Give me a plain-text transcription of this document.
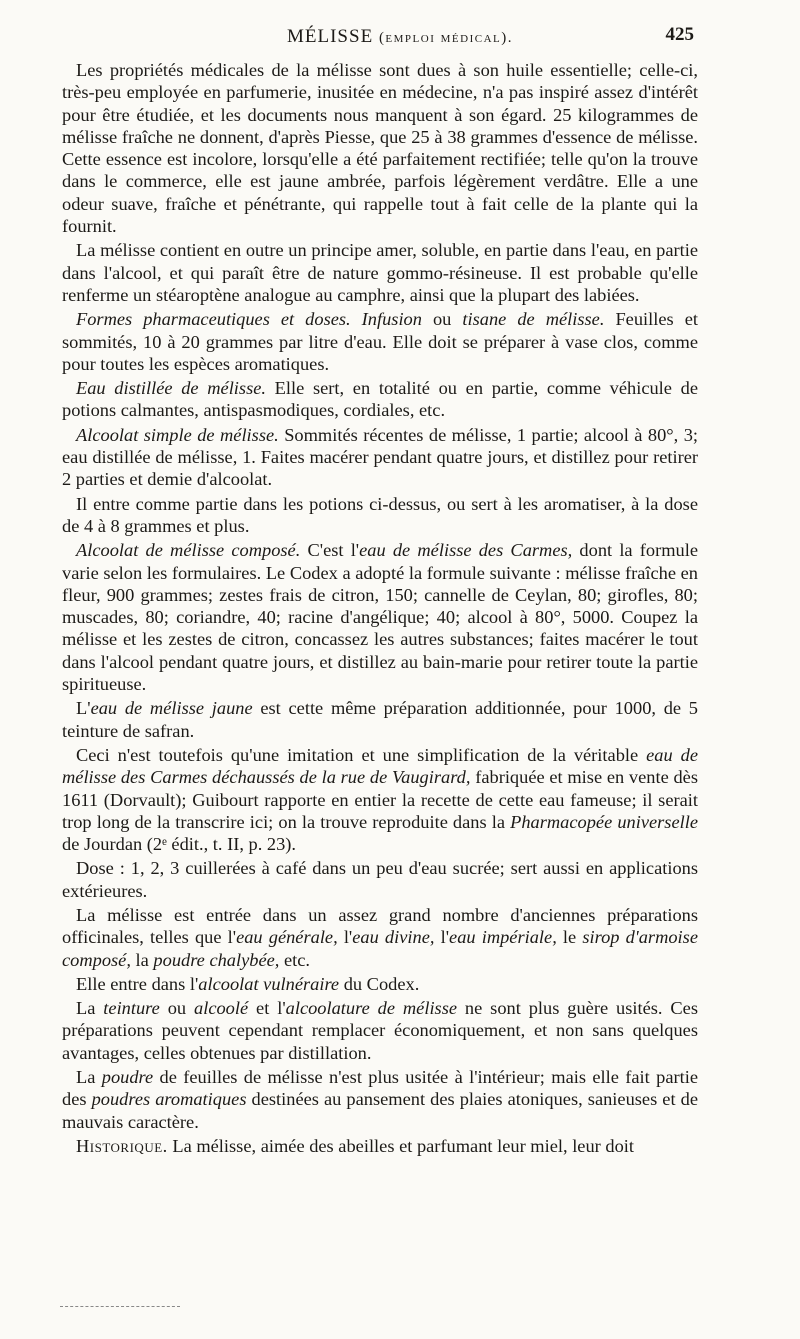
MÉLISSE (emploi médical).	425

Les propriétés médicales de la mélisse sont dues à son huile essentielle; celle-ci, très-peu employée en parfumerie, inusitée en médecine, n'a pas inspiré assez d'intérêt pour être étudiée, et les documents nous manquent à son égard. 25 kilogrammes de mélisse fraîche ne donnent, d'après Piesse, que 25 à 38 grammes d'essence de mélisse. Cette essence est incolore, lorsqu'elle a été parfaitement rectifiée; telle qu'on la trouve dans le commerce, elle est jaune ambrée, parfois légèrement verdâtre. Elle a une odeur suave, fraîche et pénétrante, qui rappelle tout à fait celle de la plante qui la fournit.

La mélisse contient en outre un principe amer, soluble, en partie dans l'eau, en partie dans l'alcool, et qui paraît être de nature gommo-résineuse. Il est probable qu'elle renferme un stéaroptène analogue au camphre, ainsi que la plupart des labiées.

Formes pharmaceutiques et doses. Infusion ou tisane de mélisse. Feuilles et sommités, 10 à 20 grammes par litre d'eau. Elle doit se préparer à vase clos, comme pour toutes les espèces aromatiques.

Eau distillée de mélisse. Elle sert, en totalité ou en partie, comme véhicule de potions calmantes, antispasmodiques, cordiales, etc.

Alcoolat simple de mélisse. Sommités récentes de mélisse, 1 partie; alcool à 80°, 3; eau distillée de mélisse, 1. Faites macérer pendant quatre jours, et distillez pour retirer 2 parties et demie d'alcoolat.

Il entre comme partie dans les potions ci-dessus, ou sert à les aromatiser, à la dose de 4 à 8 grammes et plus.

Alcoolat de mélisse composé. C'est l'eau de mélisse des Carmes, dont la formule varie selon les formulaires. Le Codex a adopté la formule suivante : mélisse fraîche en fleur, 900 grammes; zestes frais de citron, 150; cannelle de Ceylan, 80; girofles, 80; muscades, 80; coriandre, 40; racine d'angélique; 40; alcool à 80°, 5000. Coupez la mélisse et les zestes de citron, concassez les autres substances; faites macérer le tout dans l'alcool pendant quatre jours, et distillez au bain-marie pour retirer toute la partie spiritueuse.

L'eau de mélisse jaune est cette même préparation additionnée, pour 1000, de 5 teinture de safran.

Ceci n'est toutefois qu'une imitation et une simplification de la véritable eau de mélisse des Carmes déchaussés de la rue de Vaugirard, fabriquée et mise en vente dès 1611 (Dorvault); Guibourt rapporte en entier la recette de cette eau fameuse; il serait trop long de la transcrire ici; on la trouve reproduite dans la Pharmacopée universelle de Jourdan (2ᵉ édit., t. II, p. 23).

Dose : 1, 2, 3 cuillerées à café dans un peu d'eau sucrée; sert aussi en applications extérieures.

La mélisse est entrée dans un assez grand nombre d'anciennes préparations officinales, telles que l'eau générale, l'eau divine, l'eau impériale, le sirop d'armoise composé, la poudre chalybée, etc.

Elle entre dans l'alcoolat vulnéraire du Codex.

La teinture ou alcoolé et l'alcoolature de mélisse ne sont plus guère usités. Ces préparations peuvent cependant remplacer économiquement, et non sans quelques avantages, celles obtenues par distillation.

La poudre de feuilles de mélisse n'est plus usitée à l'intérieur; mais elle fait partie des poudres aromatiques destinées au pansement des plaies atoniques, sanieuses et de mauvais caractère.

Historique. La mélisse, aimée des abeilles et parfumant leur miel, leur doit
